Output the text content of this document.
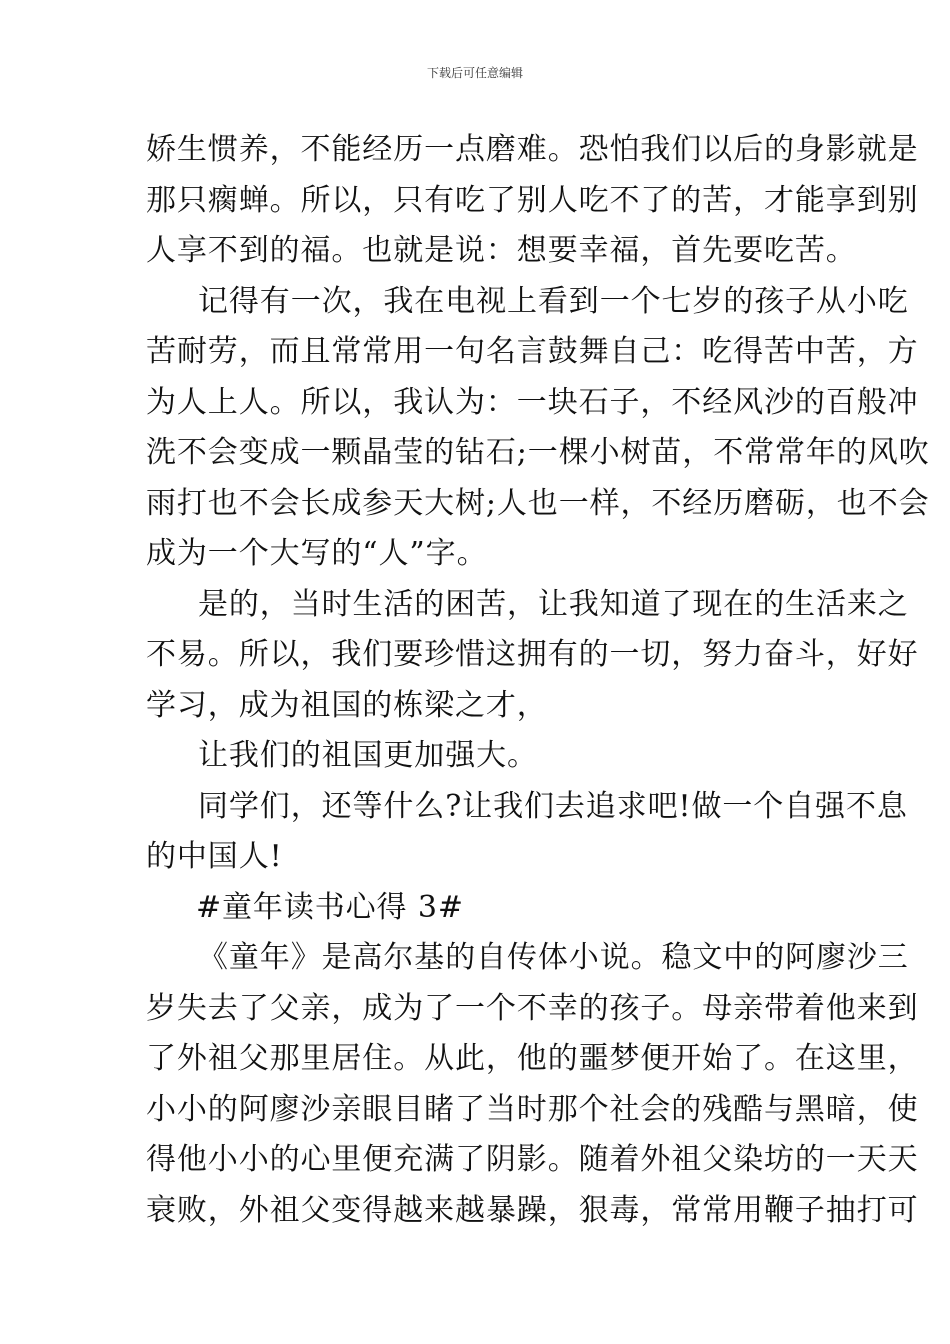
下载后可任意编辑
娇生惯养，不能经历一点磨难。恐怕我们以后的身影就是
那只瘸蝉。所以，只有吃了别人吃不了的苦，才能享到别
人享不到的福。也就是说：想要幸福，首先要吃苦。
记得有一次，我在电视上看到一个七岁的孩子从小吃
苦耐劳，而且常常用一句名言鼓舞自己：吃得苦中苦，方
为人上人。所以，我认为：一块石子，不经风沙的百般冲
洗不会变成一颗晶莹的钻石;一棵小树苗，不常常年的风吹
雨打也不会长成参天大树;人也一样，不经历磨砺，也不会
成为一个大写的“人”字。
是的，当时生活的困苦，让我知道了现在的生活来之
不易。所以，我们要珍惜这拥有的一切，努力奋斗，好好
学习，成为祖国的栋梁之才，
让我们的祖国更加强大。
同学们，还等什么?让我们去追求吧!做一个自强不息
的中国人!
#童年读书心得 3#
《童年》是高尔基的自传体小说。稳文中的阿廖沙三
岁失去了父亲，成为了一个不幸的孩子。母亲带着他来到
了外祖父那里居住。从此，他的噩梦便开始了。在这里，
小小的阿廖沙亲眼目睹了当时那个社会的残酷与黑暗，使
得他小小的心里便充满了阴影。随着外祖父染坊的一天天
衰败，外祖父变得越来越暴躁，狠毒，常常用鞭子抽打可
